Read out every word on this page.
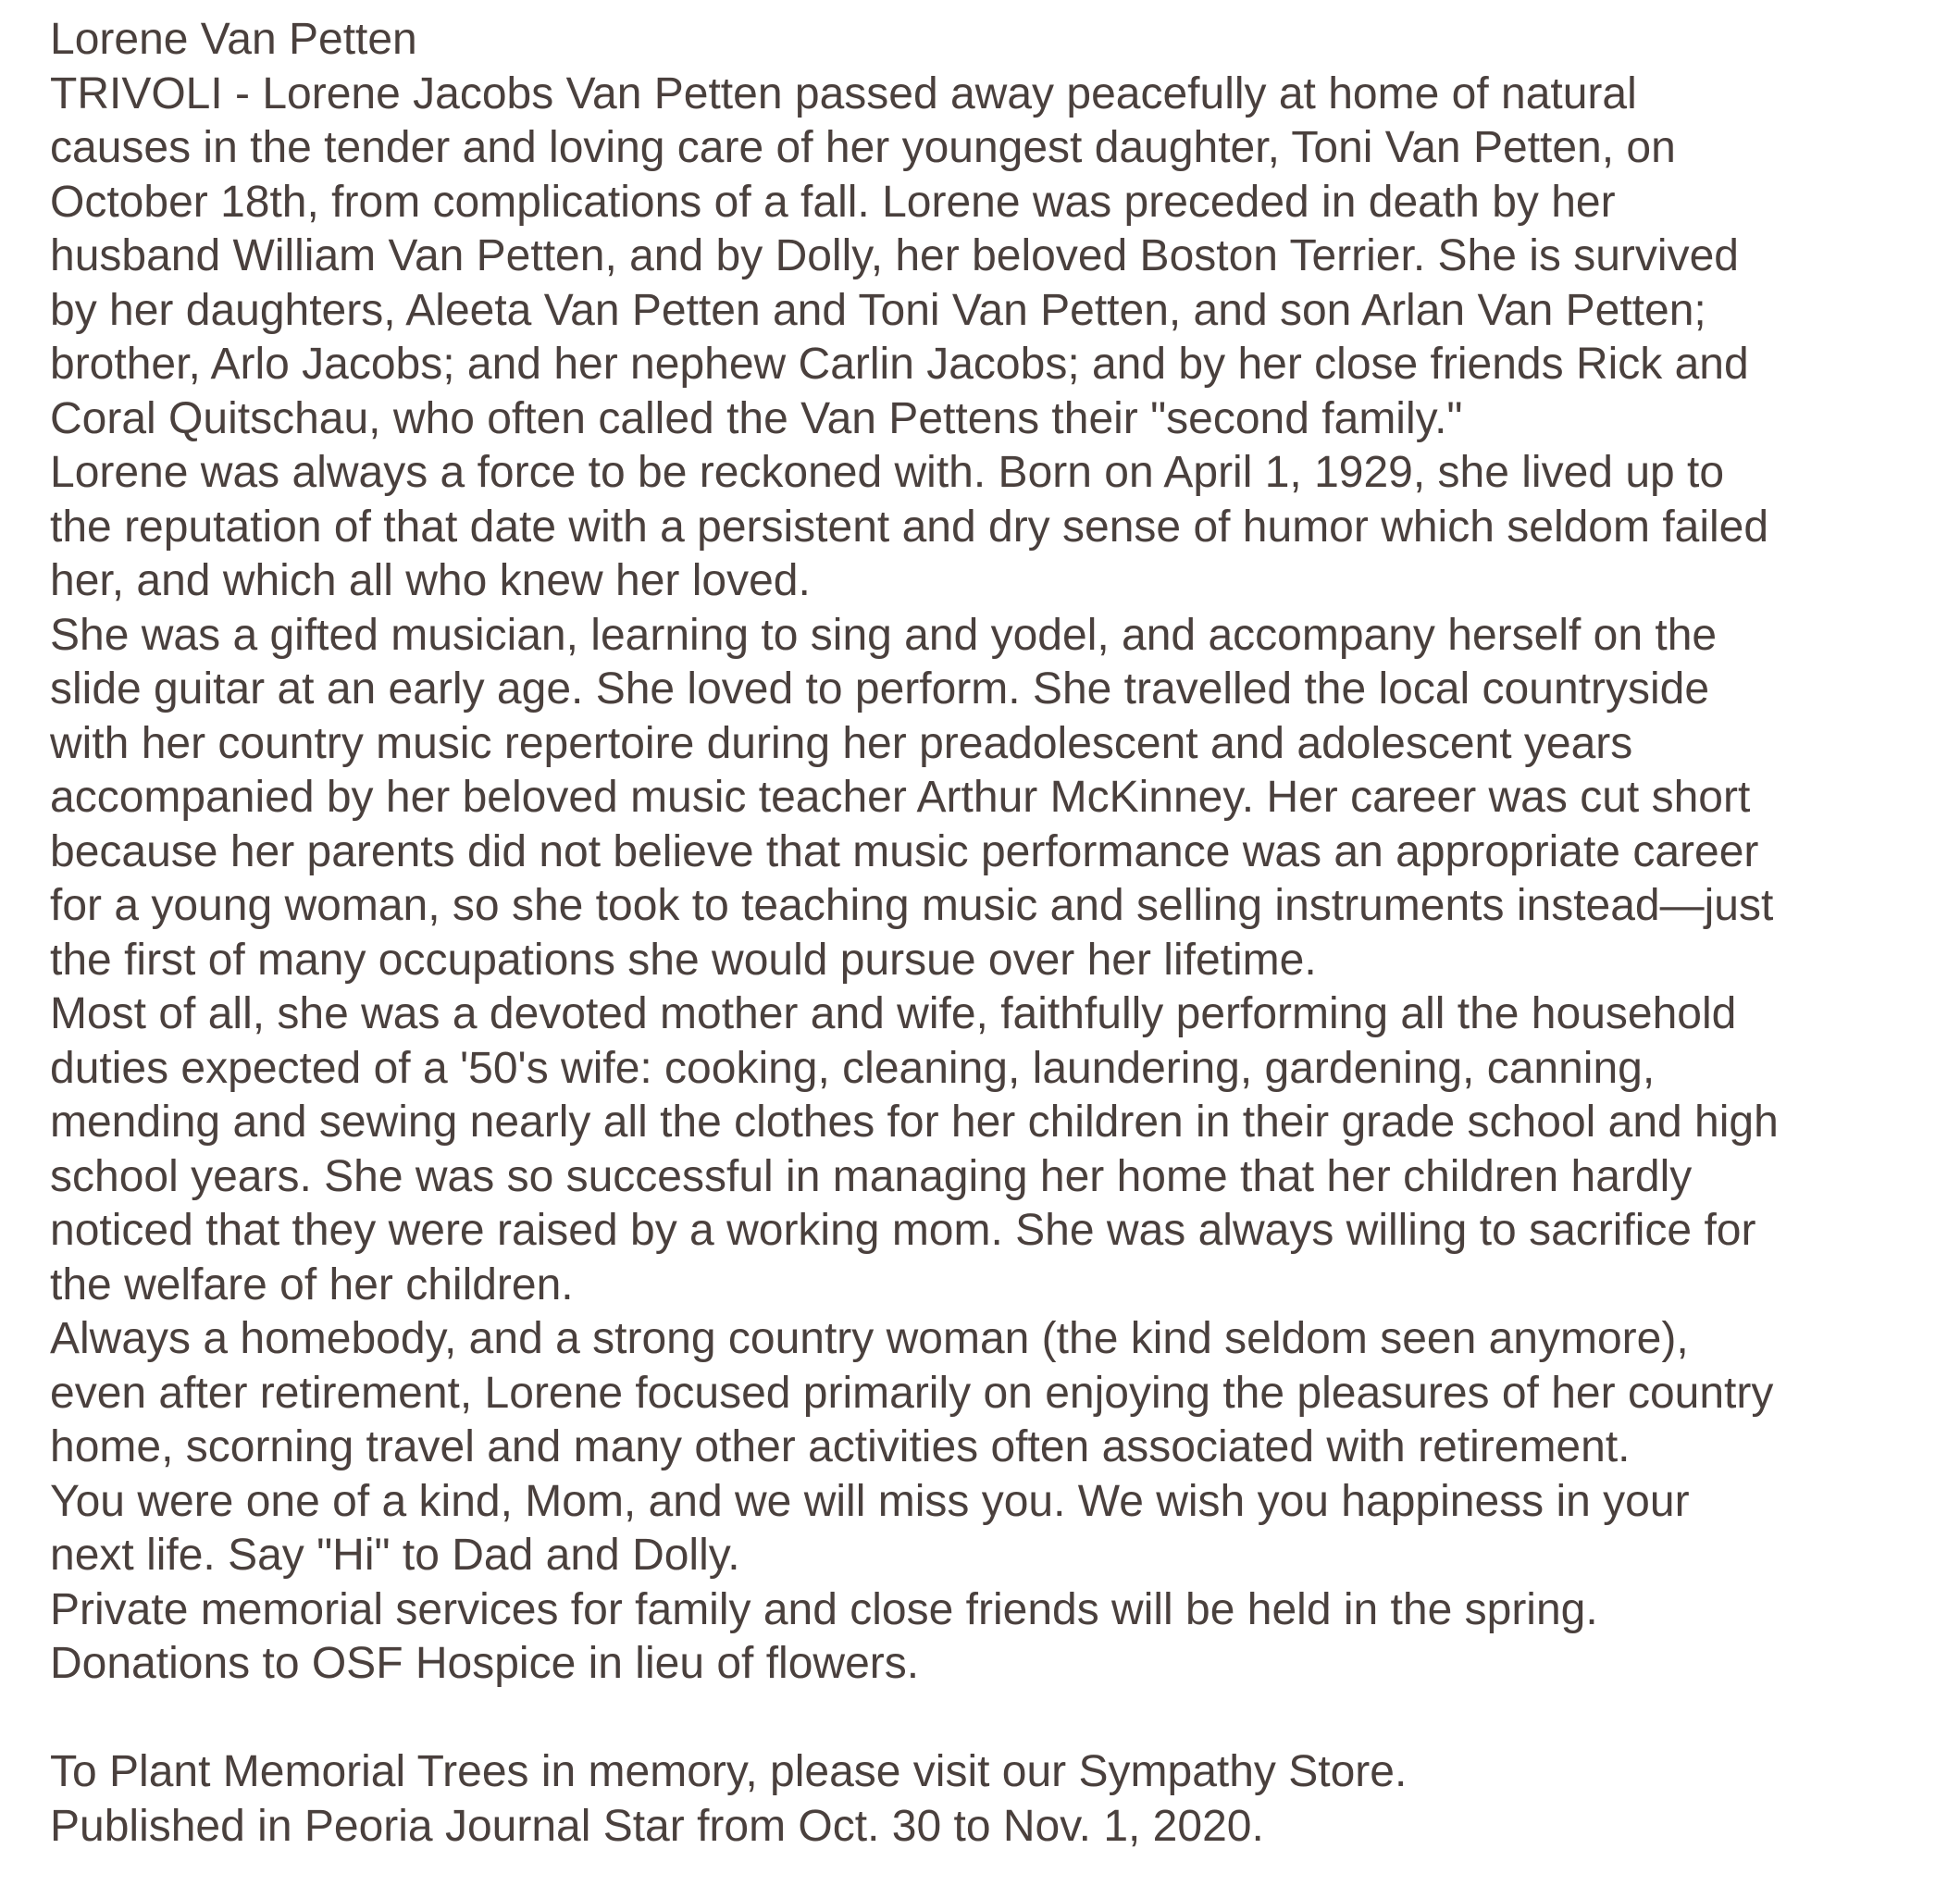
Lorene Van Petten
TRIVOLI - Lorene Jacobs Van Petten passed away peacefully at home of natural
causes in the tender and loving care of her youngest daughter, Toni Van Petten, on
October 18th, from complications of a fall. Lorene was preceded in death by her
husband William Van Petten, and by Dolly, her beloved Boston Terrier. She is survived
by her daughters, Aleeta Van Petten and Toni Van Petten, and son Arlan Van Petten;
brother, Arlo Jacobs; and her nephew Carlin Jacobs; and by her close friends Rick and
Coral Quitschau, who often called the Van Pettens their "second family."
Lorene was always a force to be reckoned with. Born on April 1, 1929, she lived up to
the reputation of that date with a persistent and dry sense of humor which seldom failed
her, and which all who knew her loved.
She was a gifted musician, learning to sing and yodel, and accompany herself on the
slide guitar at an early age. She loved to perform. She travelled the local countryside
with her country music repertoire during her preadolescent and adolescent years
accompanied by her beloved music teacher Arthur McKinney. Her career was cut short
because her parents did not believe that music performance was an appropriate career
for a young woman, so she took to teaching music and selling instruments instead—just
the first of many occupations she would pursue over her lifetime.
Most of all, she was a devoted mother and wife, faithfully performing all the household
duties expected of a '50's wife: cooking, cleaning, laundering, gardening, canning,
mending and sewing nearly all the clothes for her children in their grade school and high
school years. She was so successful in managing her home that her children hardly
noticed that they were raised by a working mom. She was always willing to sacrifice for
the welfare of her children.
Always a homebody, and a strong country woman (the kind seldom seen anymore),
even after retirement, Lorene focused primarily on enjoying the pleasures of her country
home, scorning travel and many other activities often associated with retirement.
You were one of a kind, Mom, and we will miss you. We wish you happiness in your
next life. Say "Hi" to Dad and Dolly.
Private memorial services for family and close friends will be held in the spring.
Donations to OSF Hospice in lieu of flowers.
To Plant Memorial Trees in memory, please visit our Sympathy Store.
Published in Peoria Journal Star from Oct. 30 to Nov. 1, 2020.
